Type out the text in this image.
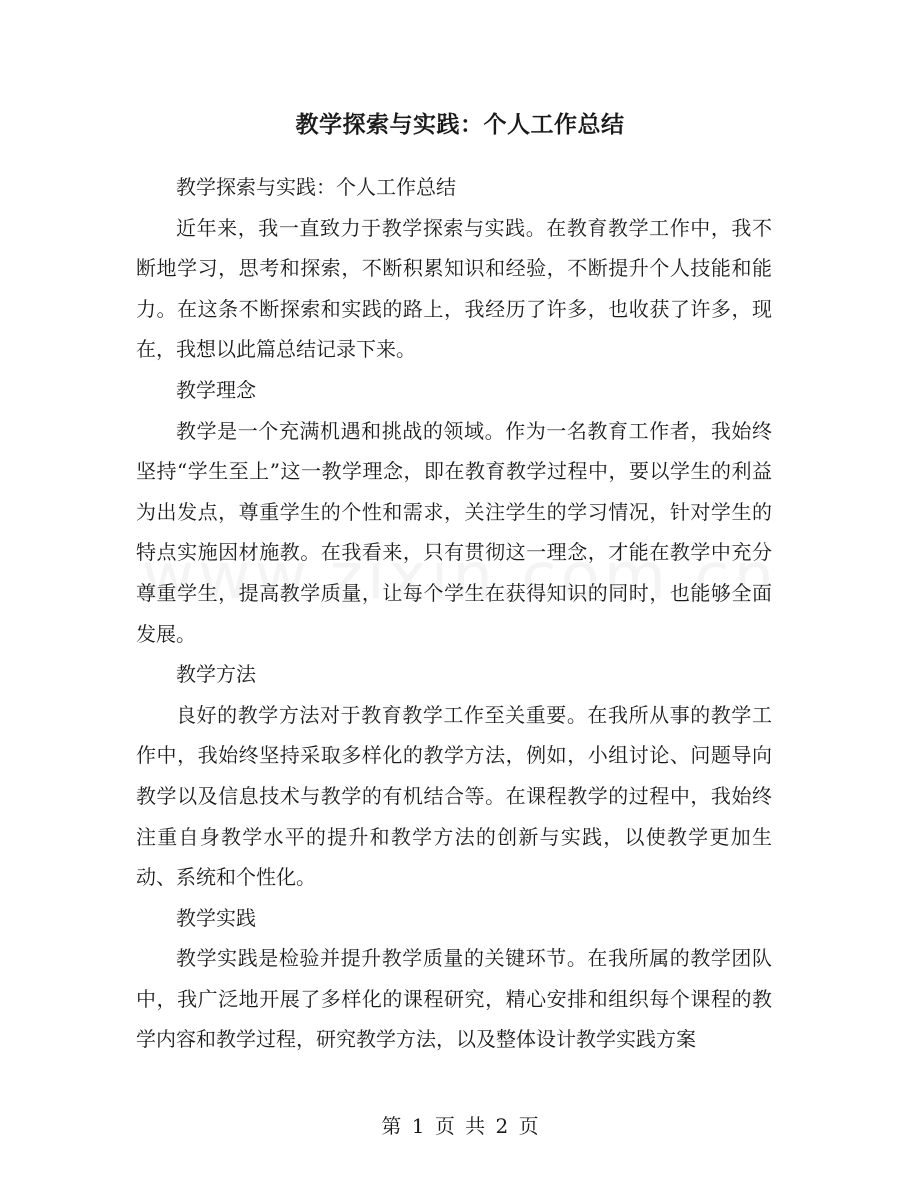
教学探索与实践：个人工作总结

教学探索与实践：个人工作总结

近年来，我一直致力于教学探索与实践。在教育教学工作中，我不断地学习，思考和探索，不断积累知识和经验，不断提升个人技能和能力。在这条不断探索和实践的路上，我经历了许多，也收获了许多，现在，我想以此篇总结记录下来。

教学理念

教学是一个充满机遇和挑战的领域。作为一名教育工作者，我始终坚持“学生至上”这一教学理念，即在教育教学过程中，要以学生的利益为出发点，尊重学生的个性和需求，关注学生的学习情况，针对学生的特点实施因材施教。在我看来，只有贯彻这一理念，才能在教学中充分尊重学生，提高教学质量，让每个学生在获得知识的同时，也能够全面发展。

教学方法

良好的教学方法对于教育教学工作至关重要。在我所从事的教学工作中，我始终坚持采取多样化的教学方法，例如，小组讨论、问题导向教学以及信息技术与教学的有机结合等。在课程教学的过程中，我始终注重自身教学水平的提升和教学方法的创新与实践，以使教学更加生动、系统和个性化。

教学实践

教学实践是检验并提升教学质量的关键环节。在我所属的教学团队中，我广泛地开展了多样化的课程研究，精心安排和组织每个课程的教学内容和教学过程，研究教学方法，以及整体设计教学实践方案

第 1 页 共 2 页
